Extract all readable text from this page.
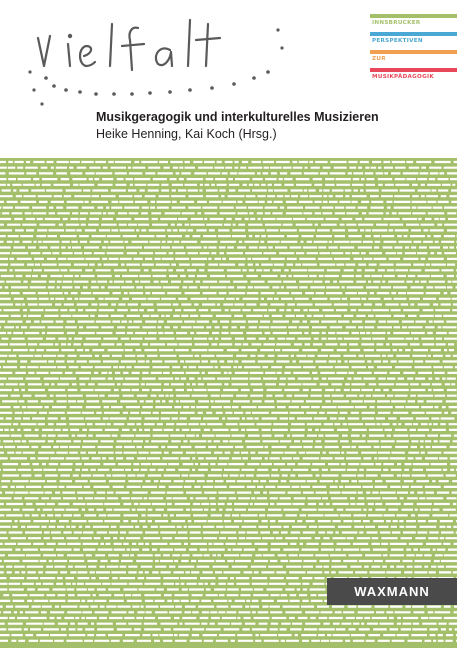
INNSBRUCKER
PERSPEKTIVEN
ZUR
MUSIKPÄDAGOGIK
Musikgeragogik und interkulturelles Musizieren
Heike Henning, Kai Koch (Hrsg.)
WAXMANN
